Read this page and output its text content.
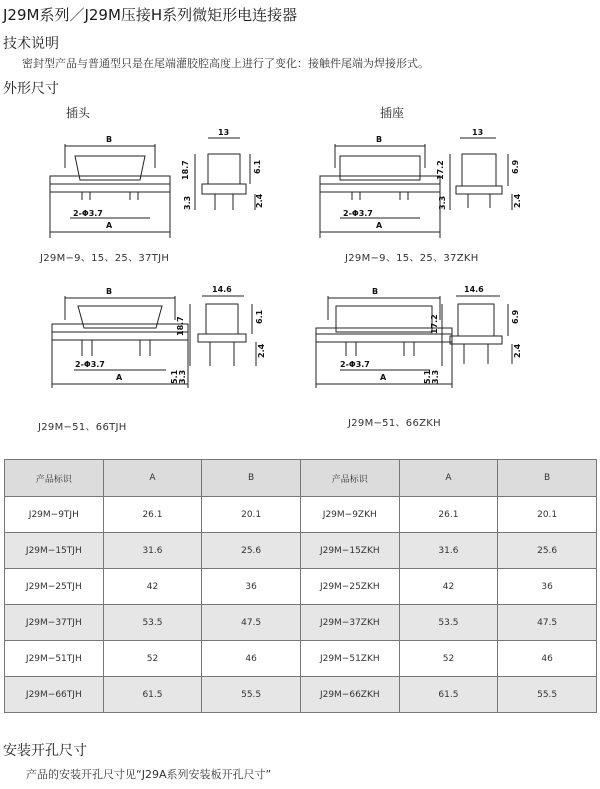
J29M系列／J29M压接H系列微矩形电连接器
技术说明
密封型产品与普通型只是在尾端灌胶腔高度上进行了变化：接触件尾端为焊接形式。
外形尺寸
插头	插座
B
A
2-Φ3.7
13
18.7	6.1
2.4
3.3
J29M−9、15、25、37TJH
B
A
2-Φ3.7
13
17.2	6.9
2.4
3.3
J29M−9、15、25、37ZKH
B
A
2-Φ3.7
14.6
18.7	6.1
2.4
3.3
5.1
J29M−51、66TJH
B
A
2-Φ3.7
14.6
17.2	6.9
2.4
3.3
5.1
J29M−51、66ZKH
产品标识	A	B	产品标识	A	B
J29M−9TJH	26.1	20.1	J29M−9ZKH	26.1	20.1
J29M−15TJH	31.6	25.6	J29M−15ZKH	31.6	25.6
J29M−25TJH	42	36	J29M−25ZKH	42	36
J29M−37TJH	53.5	47.5	J29M−37ZKH	53.5	47.5
J29M−51TJH	52	46	J29M−51ZKH	52	46
J29M−66TJH	61.5	55.5	J29M−66ZKH	61.5	55.5
安装开孔尺寸
产品的安装开孔尺寸见“J29A系列安装板开孔尺寸”
